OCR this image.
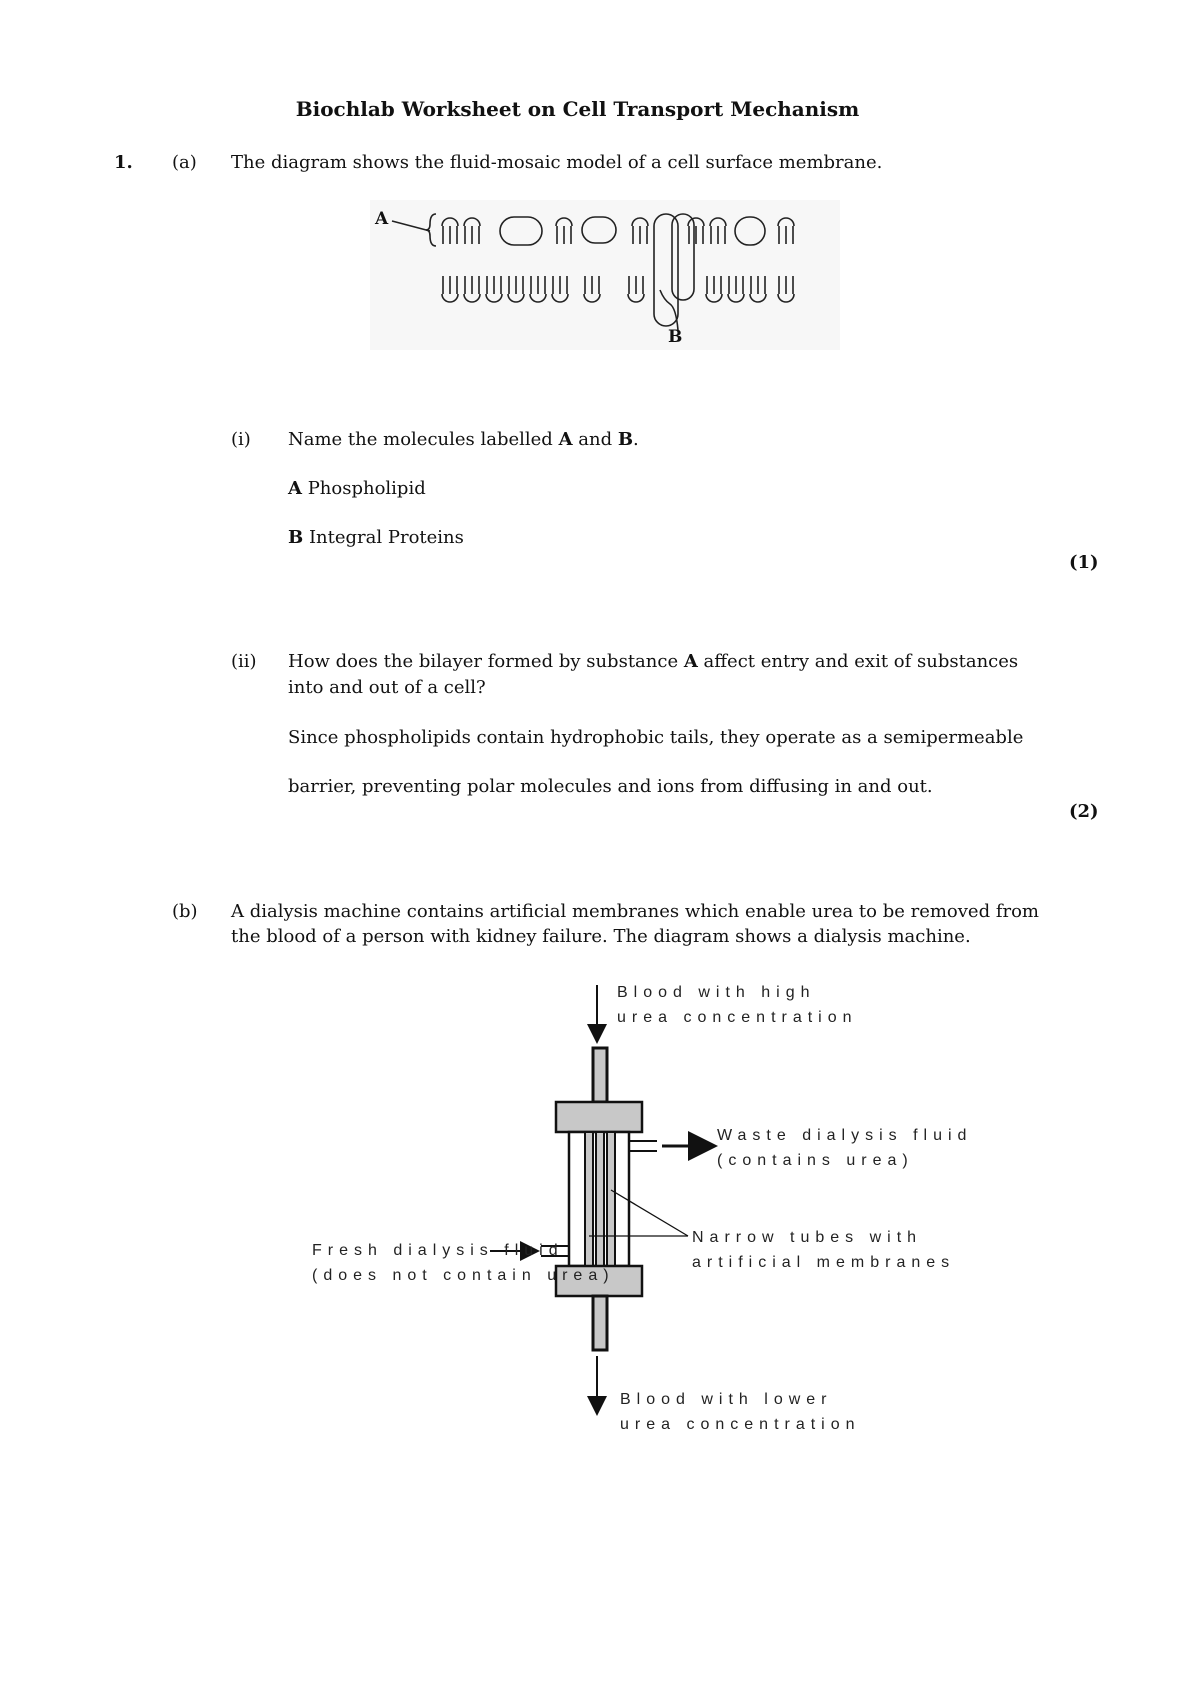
Biochlab Worksheet on Cell Transport Mechanism
1. (a) The diagram shows the fluid-mosaic model of a cell surface membrane.
A
B
(i) Name the molecules labelled A and B.
A Phospholipid
B Integral Proteins
(1)
(ii) How does the bilayer formed by substance A affect entry and exit of substances
into and out of a cell?
Since phospholipids contain hydrophobic tails, they operate as a semipermeable
barrier, preventing polar molecules and ions from diffusing in and out.
(2)
(b) A dialysis machine contains artificial membranes which enable urea to be removed from
the blood of a person with kidney failure. The diagram shows a dialysis machine.
Blood with high
urea concentration
Waste dialysis fluid
(contains urea)
Narrow tubes with
artificial membranes
Fresh dialysis fluid
(does not contain urea)
Blood with lower
urea concentration
